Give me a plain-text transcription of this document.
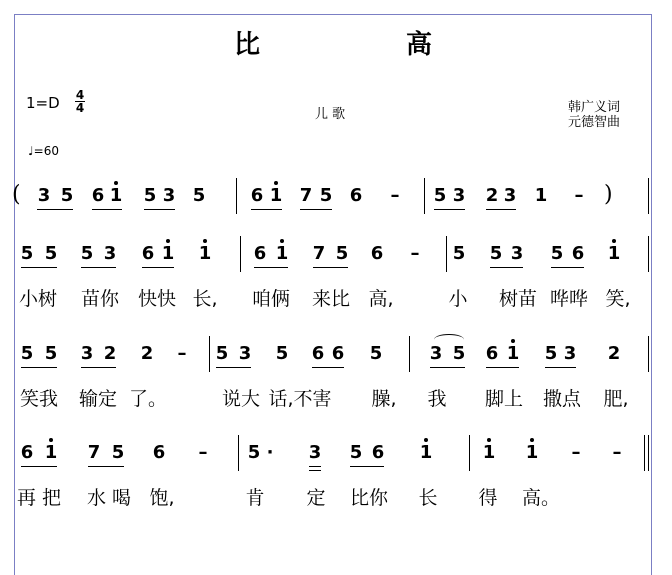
比	高
1=D 4
4	儿 歌	韩广义词
元德智曲
♩=60
( 3 5 6 1 5 3 5	6 1 7 5 6 – 5 3 2 3 1 – )
5 5 5 3 6 1 1 6 1 7 5 6 – 5 5 3 5 6 1
5 5 3 2 2 – 5 3 5 6 6 5	3 5 6 1 5 3 2
6 1 7 5 6 – 5 · 3 5 6 1	1 1 – –
小树 苗你 快快 长, 咱俩 来比 高,	小 树苗 哗哗 笑,
笑我 输定 了。	说大 话,不害 臊, 我 脚上 撒点 肥,
再 把 水 喝 饱,	肯 定 比你 长 得 高。
